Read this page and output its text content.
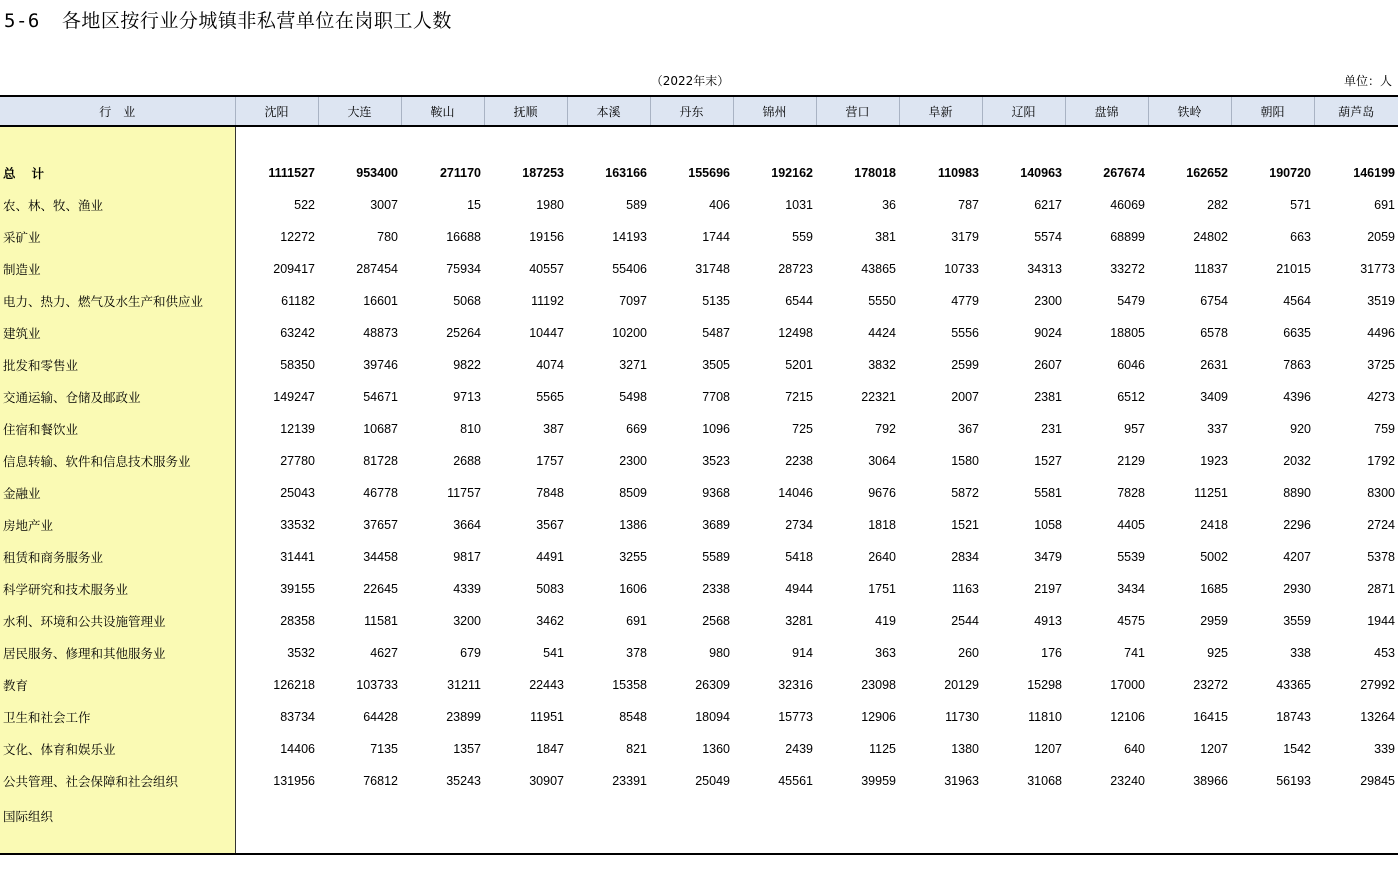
5-6 各地区按行业分城镇非私营单位在岗职工人数
（2022年末）	单位：人
行　业	沈阳	大连	鞍山	抚顺	本溪	丹东	锦州	营口	阜新	辽阳	盘锦	铁岭	朝阳	葫芦岛

总计	1111527	953400	271170	187253	163166	155696	192162	178018	110983	140963	267674	162652	190720	146199
农、林、牧、渔业	522	3007	15	1980	589	406	1031	36	787	6217	46069	282	571	691
采矿业	12272	780	16688	19156	14193	1744	559	381	3179	5574	68899	24802	663	2059
制造业	209417	287454	75934	40557	55406	31748	28723	43865	10733	34313	33272	11837	21015	31773
电力、热力、燃气及水生产和供应业	61182	16601	5068	11192	7097	5135	6544	5550	4779	2300	5479	6754	4564	3519
建筑业	63242	48873	25264	10447	10200	5487	12498	4424	5556	9024	18805	6578	6635	4496
批发和零售业	58350	39746	9822	4074	3271	3505	5201	3832	2599	2607	6046	2631	7863	3725
交通运输、仓储及邮政业	149247	54671	9713	5565	5498	7708	7215	22321	2007	2381	6512	3409	4396	4273
住宿和餐饮业	12139	10687	810	387	669	1096	725	792	367	231	957	337	920	759
信息转输、软件和信息技术服务业	27780	81728	2688	1757	2300	3523	2238	3064	1580	1527	2129	1923	2032	1792
金融业	25043	46778	11757	7848	8509	9368	14046	9676	5872	5581	7828	11251	8890	8300
房地产业	33532	37657	3664	3567	1386	3689	2734	1818	1521	1058	4405	2418	2296	2724
租赁和商务服务业	31441	34458	9817	4491	3255	5589	5418	2640	2834	3479	5539	5002	4207	5378
科学研究和技术服务业	39155	22645	4339	5083	1606	2338	4944	1751	1163	2197	3434	1685	2930	2871
水利、环境和公共设施管理业	28358	11581	3200	3462	691	2568	3281	419	2544	4913	4575	2959	3559	1944
居民服务、修理和其他服务业	3532	4627	679	541	378	980	914	363	260	176	741	925	338	453
教育	126218	103733	31211	22443	15358	26309	32316	23098	20129	15298	17000	23272	43365	27992
卫生和社会工作	83734	64428	23899	11951	8548	18094	15773	12906	11730	11810	12106	16415	18743	13264
文化、体育和娱乐业	14406	7135	1357	1847	821	1360	2439	1125	1380	1207	640	1207	1542	339
公共管理、社会保障和社会组织	131956	76812	35243	30907	23391	25049	45561	39959	31963	31068	23240	38966	56193	29845
国际组织														
